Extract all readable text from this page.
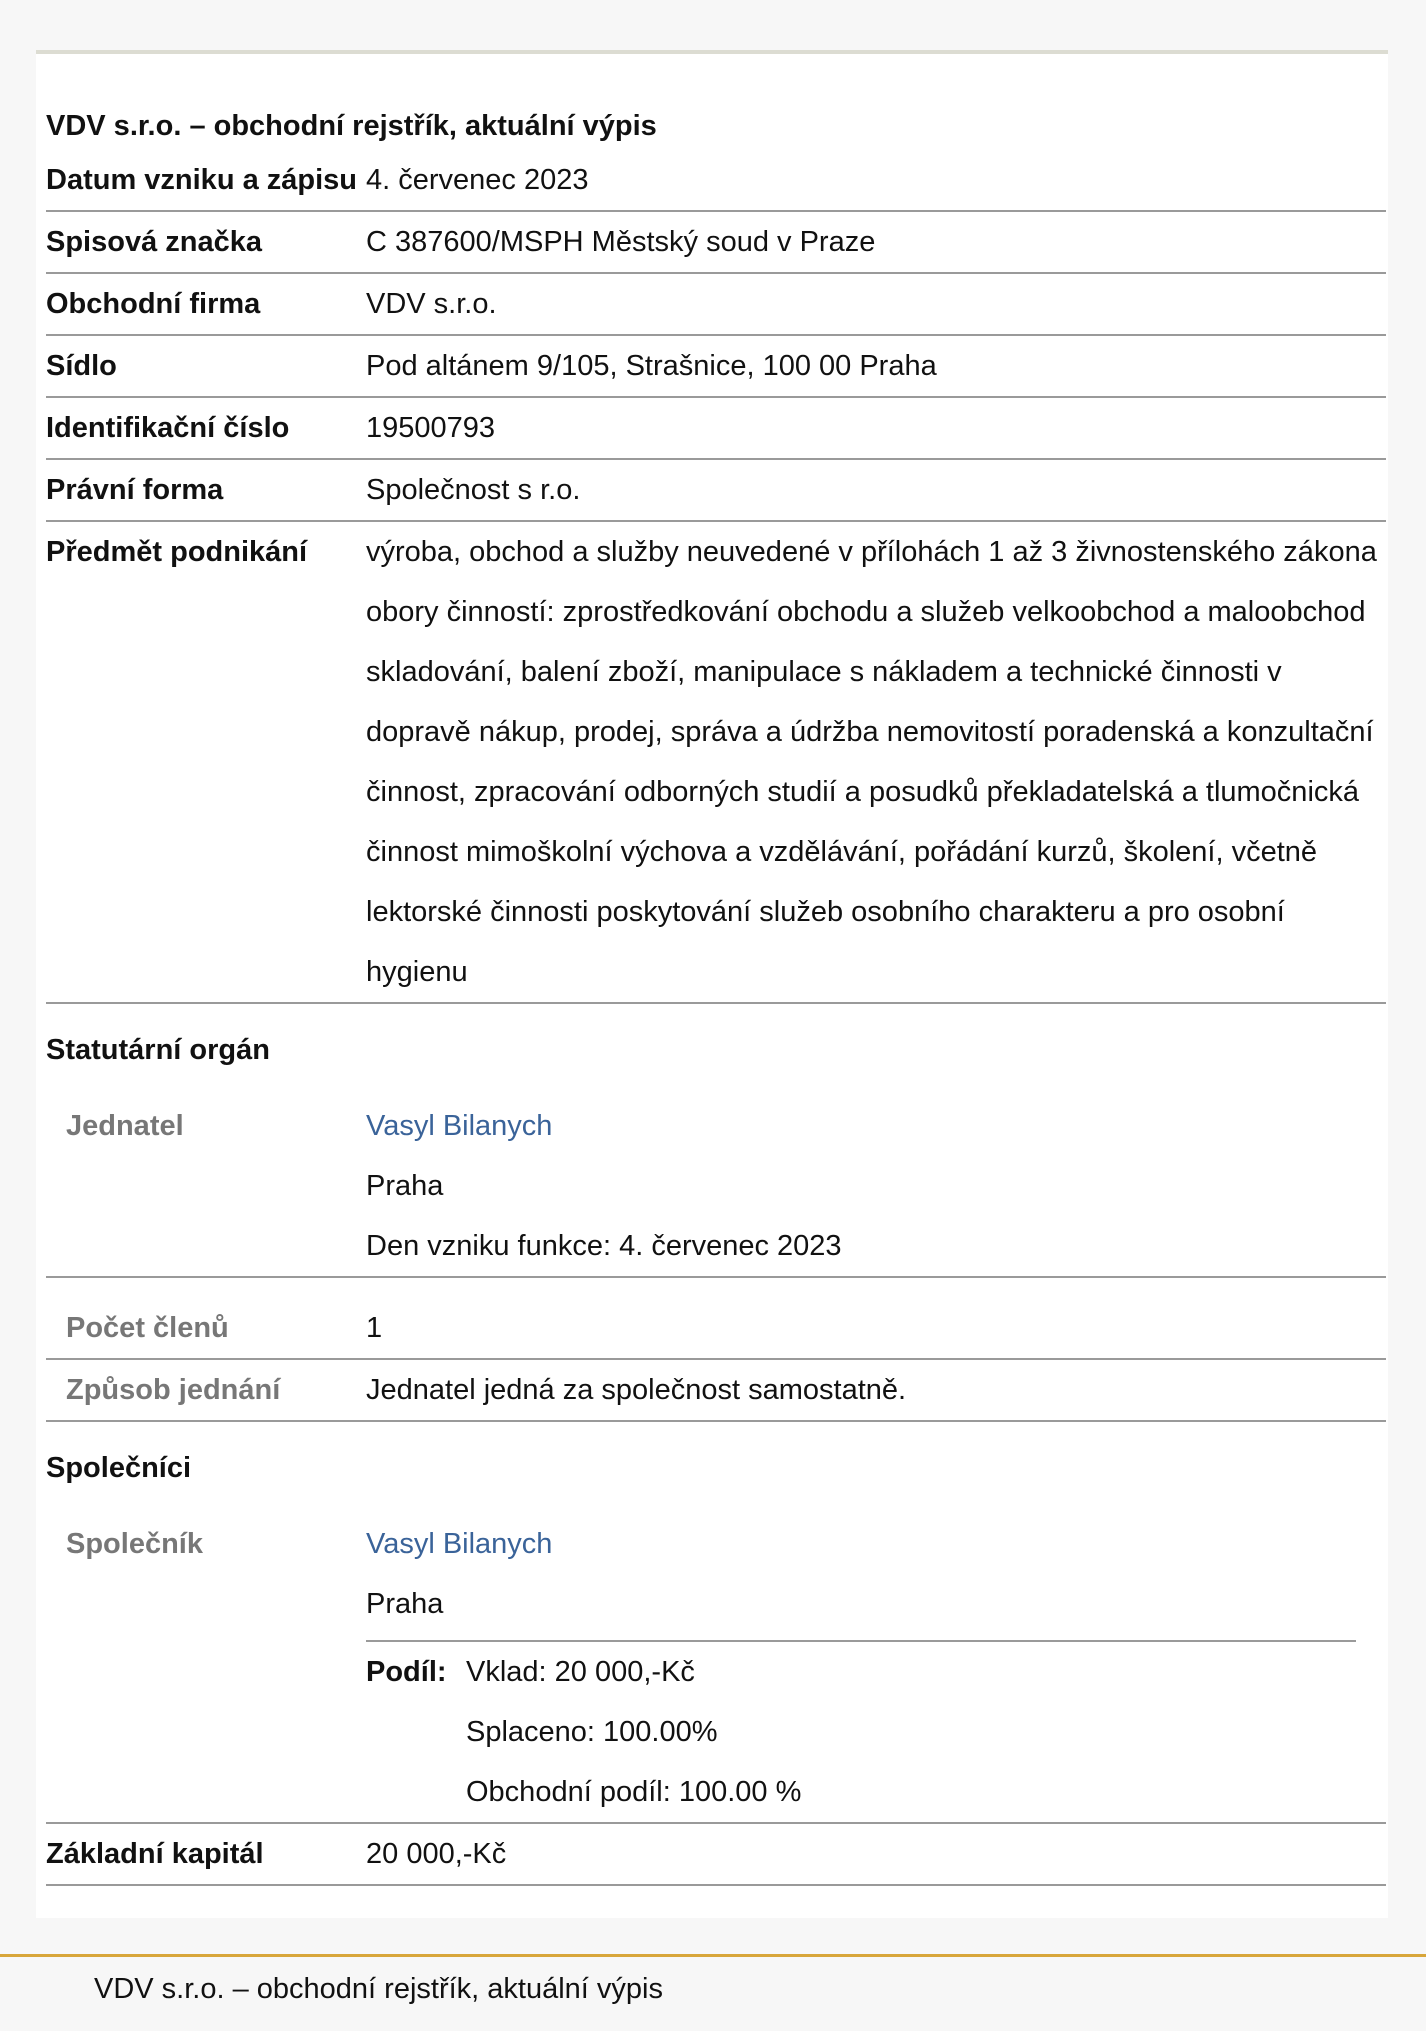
VDV s.r.o. – obchodní rejstřík, aktuální výpis
Datum vzniku a zápisu 4. červenec 2023
Spisová značka	C 387600/MSPH Městský soud v Praze
Obchodní firma	VDV s.r.o.
Sídlo	Pod altánem 9/105, Strašnice, 100 00 Praha
Identifikační číslo	19500793
Právní forma	Společnost s r.o.
Předmět podnikání	výroba, obchod a služby neuvedené v přílohách 1 až 3 živnostenského zákona obory činností: zprostředkování obchodu a služeb velkoobchod a maloobchod skladování, balení zboží, manipulace s nákladem a technické činnosti v dopravě nákup, prodej, správa a údržba nemovitostí poradenská a konzultační činnost, zpracování odborných studií a posudků překladatelská a tlumočnická činnost mimoškolní výchova a vzdělávání, pořádání kurzů, školení, včetně lektorské činnosti poskytování služeb osobního charakteru a pro osobní hygienu
Statutární orgán
Jednatel	Vasyl Bilanych
Praha
Den vzniku funkce: 4. červenec 2023
Počet členů	1
Způsob jednání	Jednatel jedná za společnost samostatně.
Společníci
Společník	Vasyl Bilanych
Praha
Podíl: Vklad: 20 000,-Kč
Splaceno: 100.00%
Obchodní podíl: 100.00 %
Základní kapitál	20 000,-Kč
VDV s.r.o. – obchodní rejstřík, aktuální výpis
